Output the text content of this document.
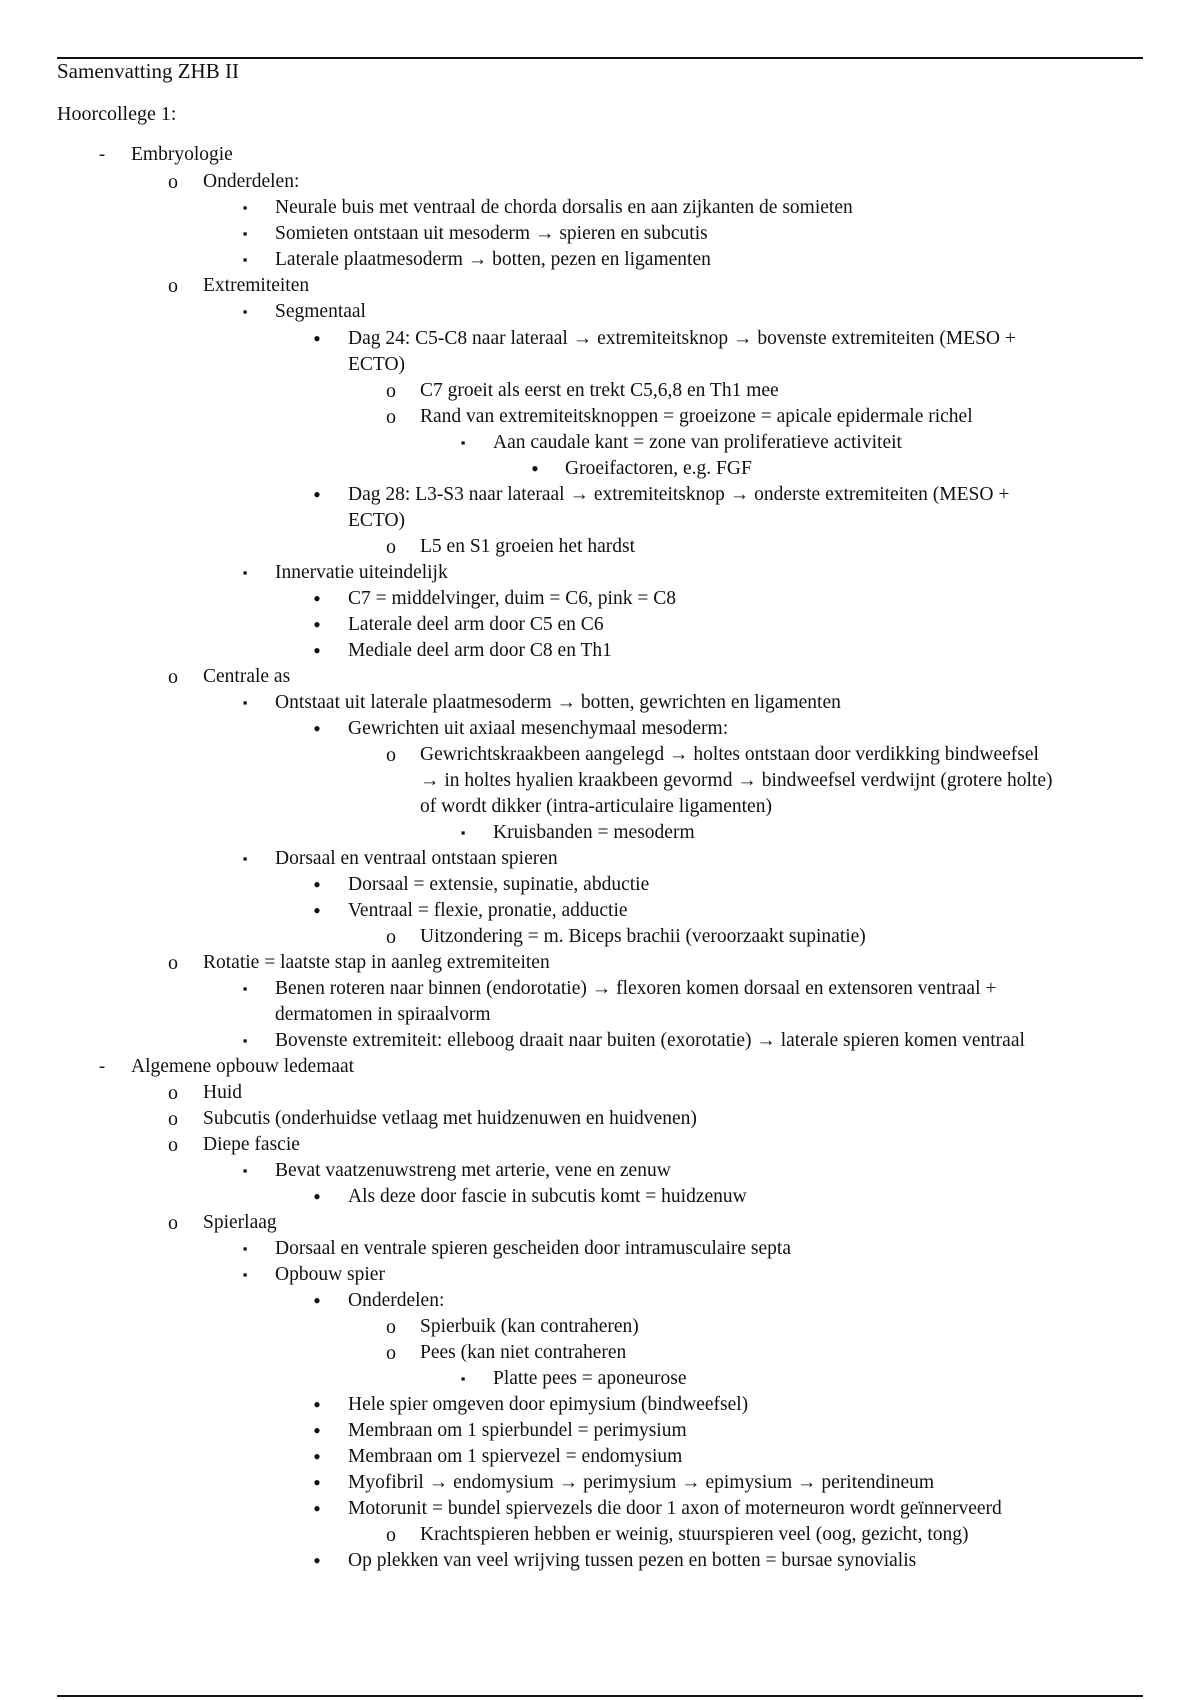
Samenvatting ZHB II
Hoorcollege 1:
-	Embryologie
o Onderdelen:
▪	Neurale buis met ventraal de chorda dorsalis en aan zijkanten de somieten
▪	Somieten ontstaan uit mesoderm → spieren en subcutis
▪	Laterale plaatmesoderm → botten, pezen en ligamenten
o Extremiteiten
▪	Segmentaal
•	Dag 24: C5-C8 naar lateraal → extremiteitsknop → bovenste extremiteiten (MESO +
ECTO)
o C7 groeit als eerst en trekt C5,6,8 en Th1 mee
o Rand van extremiteitsknoppen = groeizone = apicale epidermale richel
▪	Aan caudale kant = zone van proliferatieve activiteit
•	Groeifactoren, e.g. FGF
•	Dag 28: L3-S3 naar lateraal → extremiteitsknop → onderste extremiteiten (MESO +
ECTO)
o L5 en S1 groeien het hardst
▪	Innervatie uiteindelijk
•	C7 = middelvinger, duim = C6, pink = C8
•	Laterale deel arm door C5 en C6
•	Mediale deel arm door C8 en Th1
o Centrale as
▪	Ontstaat uit laterale plaatmesoderm → botten, gewrichten en ligamenten
•	Gewrichten uit axiaal mesenchymaal mesoderm:
o Gewrichtskraakbeen aangelegd → holtes ontstaan door verdikking bindweefsel
→ in holtes hyalien kraakbeen gevormd → bindweefsel verdwijnt (grotere holte)
of wordt dikker (intra-articulaire ligamenten)
▪	Kruisbanden = mesoderm
▪	Dorsaal en ventraal ontstaan spieren
•	Dorsaal = extensie, supinatie, abductie
•	Ventraal = flexie, pronatie, adductie
o Uitzondering = m. Biceps brachii (veroorzaakt supinatie)
o Rotatie = laatste stap in aanleg extremiteiten
▪	Benen roteren naar binnen (endorotatie) → flexoren komen dorsaal en extensoren ventraal +
dermatomen in spiraalvorm
▪	Bovenste extremiteit: elleboog draait naar buiten (exorotatie) → laterale spieren komen ventraal
-	Algemene opbouw ledemaat
o Huid
o Subcutis (onderhuidse vetlaag met huidzenuwen en huidvenen)
o Diepe fascie
▪	Bevat vaatzenuwstreng met arterie, vene en zenuw
•	Als deze door fascie in subcutis komt = huidzenuw
o Spierlaag
▪	Dorsaal en ventrale spieren gescheiden door intramusculaire septa
▪	Opbouw spier
•	Onderdelen:
o Spierbuik (kan contraheren)
o Pees (kan niet contraheren
▪	Platte pees = aponeurose
•	Hele spier omgeven door epimysium (bindweefsel)
•	Membraan om 1 spierbundel = perimysium
•	Membraan om 1 spiervezel = endomysium
•	Myofibril → endomysium → perimysium → epimysium → peritendineum
•	Motorunit = bundel spiervezels die door 1 axon of moterneuron wordt geïnnerveerd
o Krachtspieren hebben er weinig, stuurspieren veel (oog, gezicht, tong)
•	Op plekken van veel wrijving tussen pezen en botten = bursae synovialis
